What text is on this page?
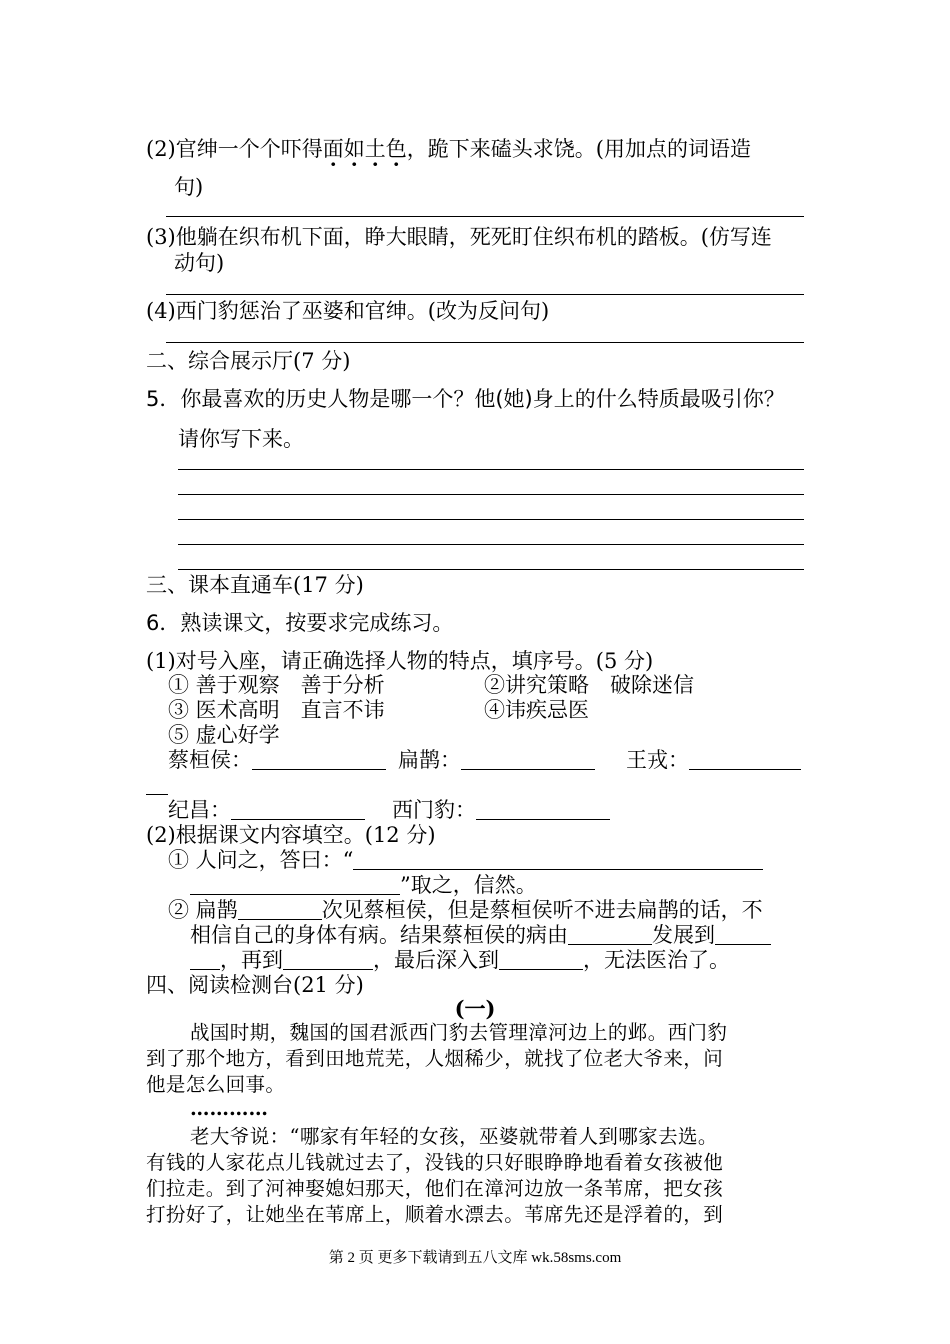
(2)官绅一个个吓得面如土色，跪下来磕头求饶。(用加点的词语造
句)
(3)他躺在织布机下面，睁大眼睛，死死盯住织布机的踏板。(仿写连
动句)
(4)西门豹惩治了巫婆和官绅。(改为反问句)
二、综合展示厅(7 分)
5．你最喜欢的历史人物是哪一个？他(她)身上的什么特质最吸引你？
请你写下来。
三、课本直通车(17 分)
6．熟读课文，按要求完成练习。
(1)对号入座，请正确选择人物的特点，填序号。(5 分)
① 善于观察　善于分析	②讲究策略　破除迷信
③ 医术高明　直言不讳	④讳疾忌医
⑤ 虚心好学
蔡桓侯：	扁鹊：	王戎：
纪昌：	西门豹：
(2)根据课文内容填空。(12 分)
① 人问之，答曰：“
”取之，信然。
② 扁鹊	次见蔡桓侯，但是蔡桓侯听不进去扁鹊的话，不
相信自己的身体有病。结果蔡桓侯的病由	发展到
，再到	，最后深入到	，无法医治了。
四、阅读检测台(21 分)
(一)
战国时期，魏国的国君派西门豹去管理漳河边上的邺。西门豹
到了那个地方，看到田地荒芜，人烟稀少，就找了位老大爷来，问
他是怎么回事。
…………
老大爷说：“哪家有年轻的女孩，巫婆就带着人到哪家去选。
有钱的人家花点儿钱就过去了，没钱的只好眼睁睁地看着女孩被他
们拉走。到了河神娶媳妇那天，他们在漳河边放一条苇席，把女孩
打扮好了，让她坐在苇席上，顺着水漂去。苇席先还是浮着的，到
第 2 页 更多下载请到五八文库 wk.58sms.com
